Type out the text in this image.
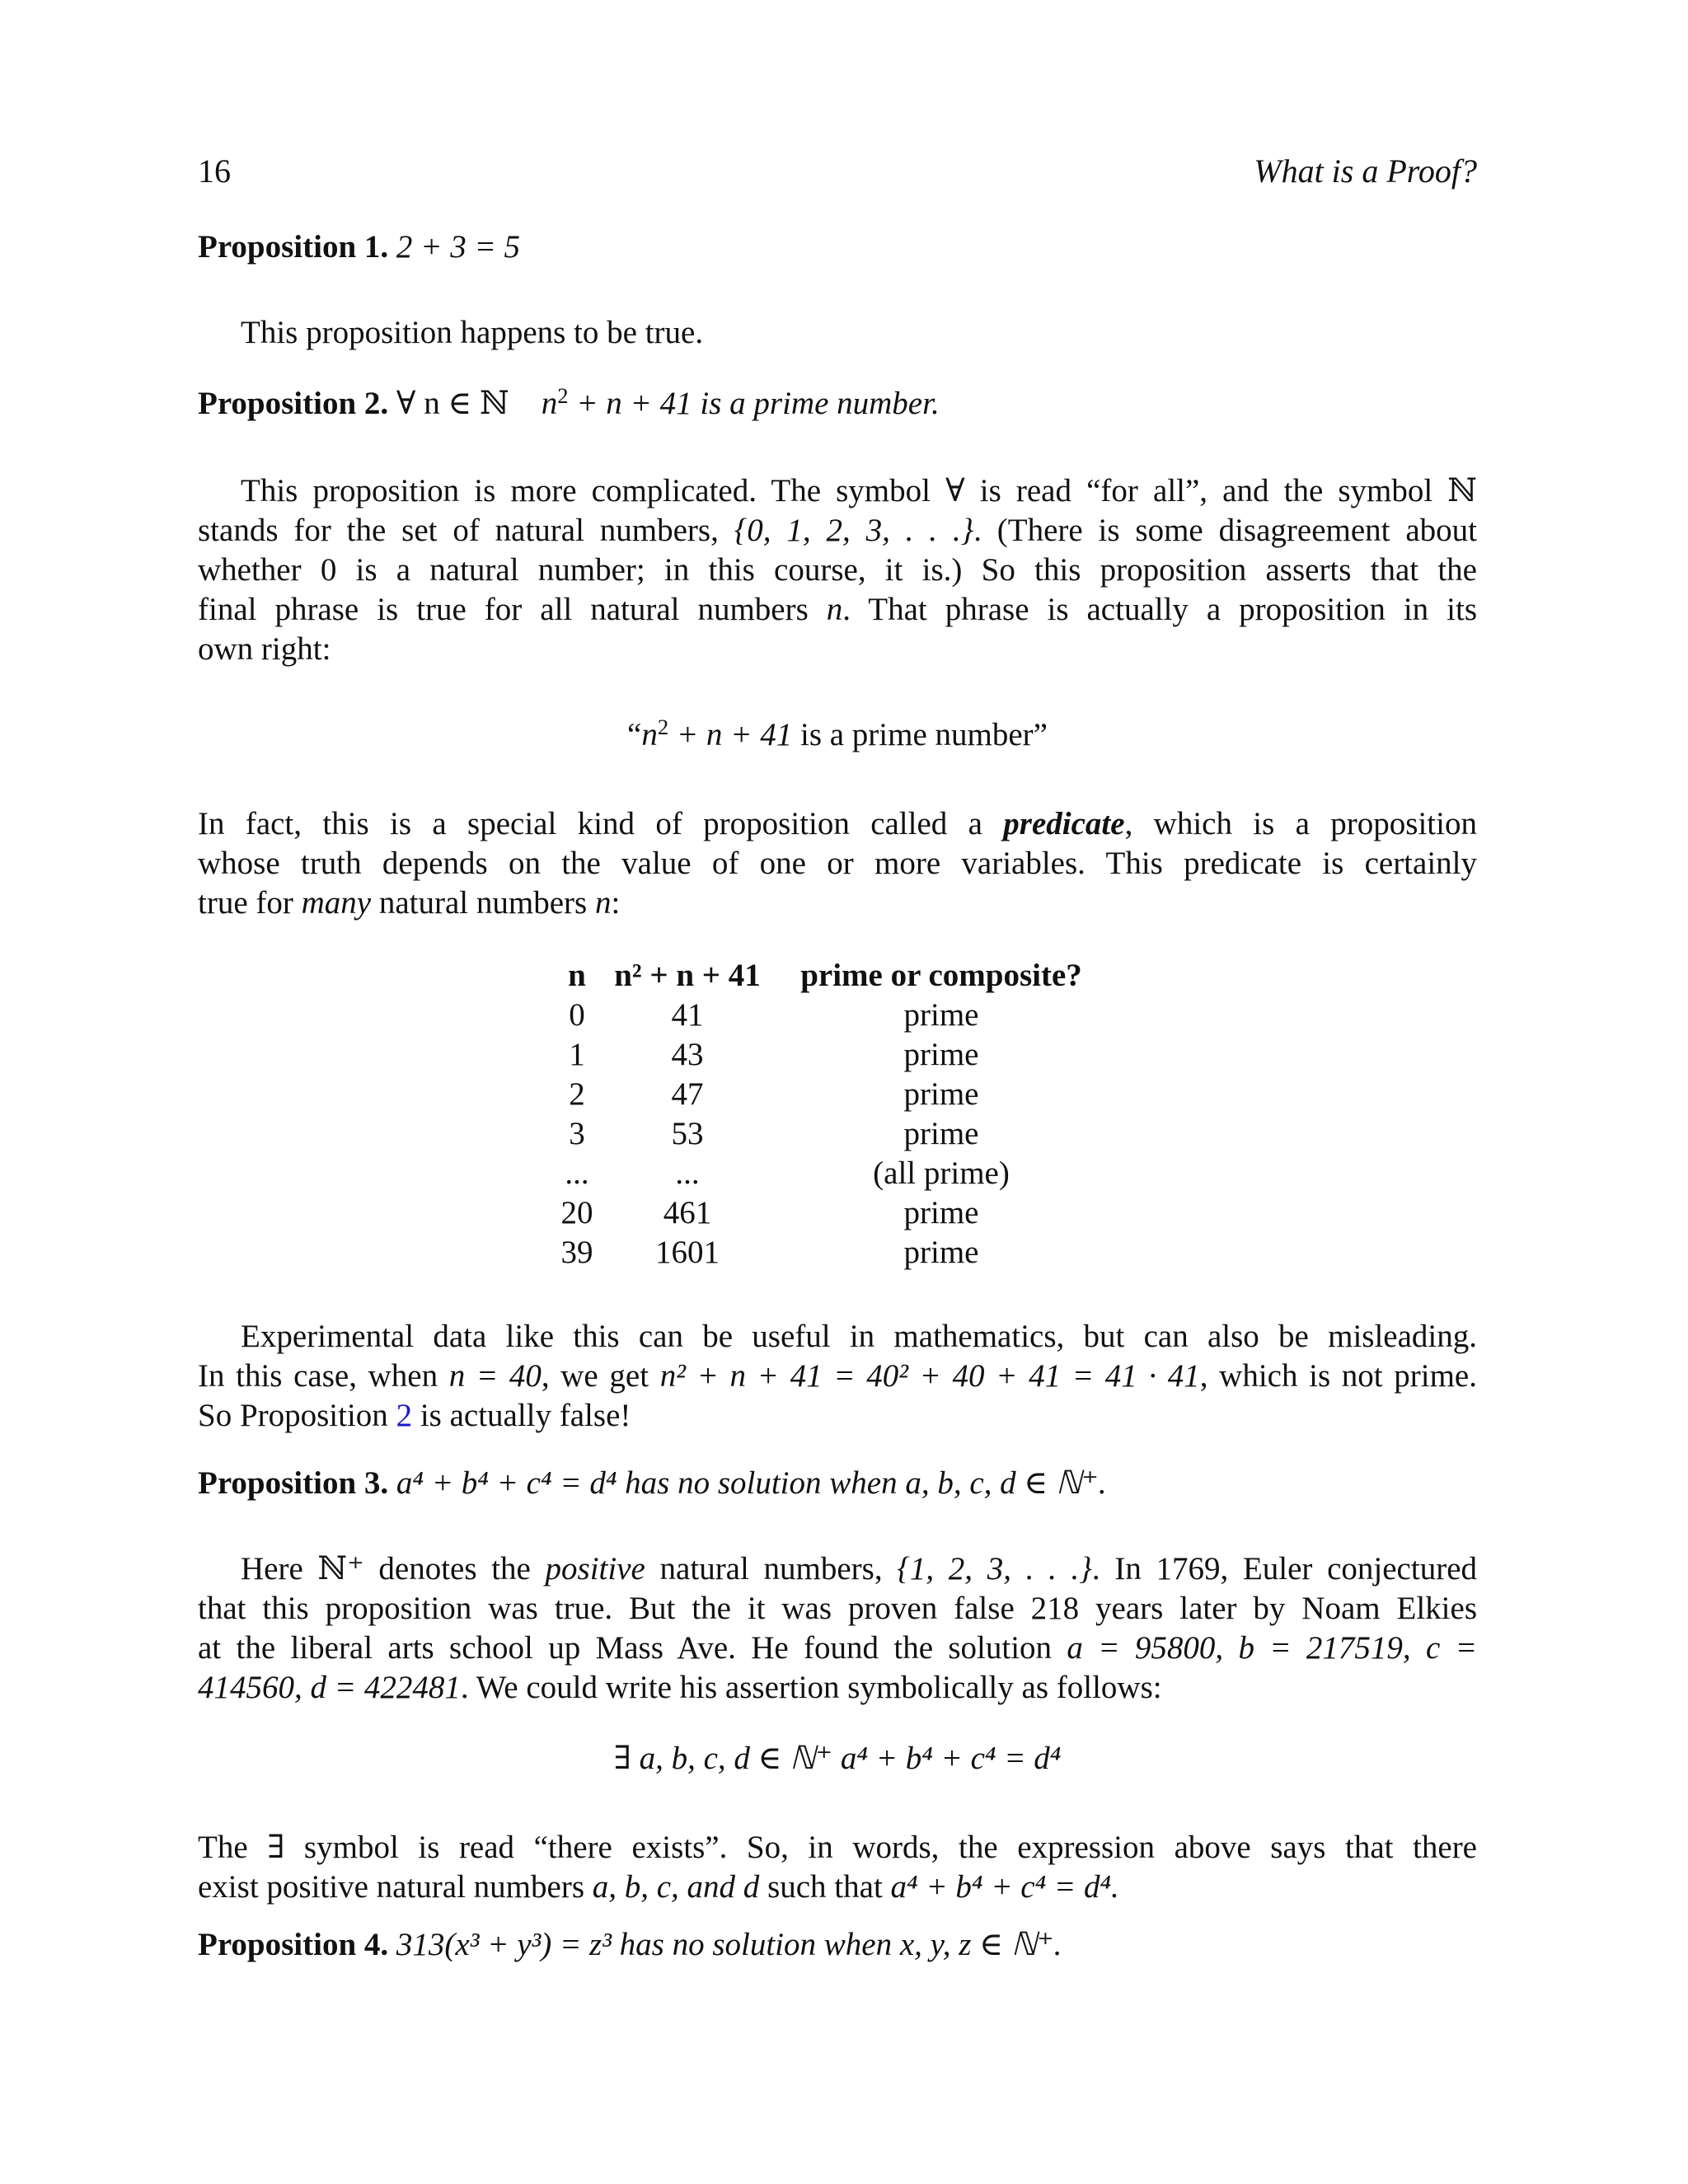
16	What is a Proof?
Proposition 1. 2 + 3 = 5
This proposition happens to be true.
Proposition 2. ∀ n ∈ ℕ $n^2 + n + 41$ is a prime number.
This proposition is more complicated. The symbol ∀ is read “for all”, and the symbol ℕ
stands for the set of natural numbers, {0, 1, 2, 3, . . .}. (There is some disagreement about
whether 0 is a natural number; in this course, it is.) So this proposition asserts that the
final phrase is true for all natural numbers n. That phrase is actually a proposition in its
own right:
“$n^2 + n + 41$ is a prime number”
In fact, this is a special kind of proposition called a predicate, which is a proposition
whose truth depends on the value of one or more variables. This predicate is certainly
true for many natural numbers n:
n	n² + n + 41	prime or composite?
0	41	prime
1	43	prime
2	47	prime
3	53	prime
...	...	(all prime)
20	461	prime
39	1601	prime
Experimental data like this can be useful in mathematics, but can also be misleading.
In this case, when n = 40, we get n² + n + 41 = 40² + 40 + 41 = 41 · 41, which is not prime.
So Proposition 2 is actually false!
Proposition 3. a⁴ + b⁴ + c⁴ = d⁴ has no solution when a, b, c, d ∈ ℕ⁺.
Here ℕ⁺ denotes the positive natural numbers, {1, 2, 3, . . .}. In 1769, Euler conjectured
that this proposition was true. But the it was proven false 218 years later by Noam Elkies
at the liberal arts school up Mass Ave. He found the solution a = 95800, b = 217519, c =
414560, d = 422481. We could write his assertion symbolically as follows:
∃ a, b, c, d ∈ ℕ⁺ a⁴ + b⁴ + c⁴ = d⁴
The ∃ symbol is read “there exists”. So, in words, the expression above says that there
exist positive natural numbers a, b, c, and d such that a⁴ + b⁴ + c⁴ = d⁴.
Proposition 4. 313(x³ + y³) = z³ has no solution when x, y, z ∈ ℕ⁺.
